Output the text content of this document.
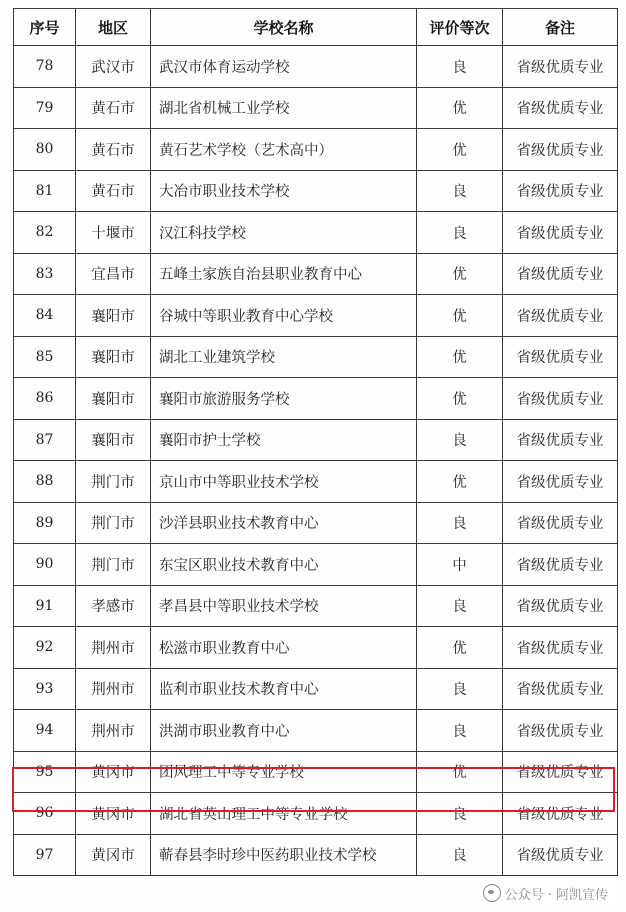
序号	地区	学校名称	评价等次	备注
78	武汉市	武汉市体育运动学校	良	省级优质专业
79	黄石市	湖北省机械工业学校	优	省级优质专业
80	黄石市	黄石艺术学校（艺术高中）	优	省级优质专业
81	黄石市	大冶市职业技术学校	良	省级优质专业
82	十堰市	汉江科技学校	良	省级优质专业
83	宜昌市	五峰土家族自治县职业教育中心	优	省级优质专业
84	襄阳市	谷城中等职业教育中心学校	优	省级优质专业
85	襄阳市	湖北工业建筑学校	优	省级优质专业
86	襄阳市	襄阳市旅游服务学校	优	省级优质专业
87	襄阳市	襄阳市护士学校	良	省级优质专业
88	荆门市	京山市中等职业技术学校	优	省级优质专业
89	荆门市	沙洋县职业技术教育中心	良	省级优质专业
90	荆门市	东宝区职业技术教育中心	中	省级优质专业
91	孝感市	孝昌县中等职业技术学校	良	省级优质专业
92	荆州市	松滋市职业教育中心	优	省级优质专业
93	荆州市	监利市职业技术教育中心	良	省级优质专业
94	荆州市	洪湖市职业教育中心	良	省级优质专业
95	黄冈市	团风理工中等专业学校	优	省级优质专业
96	黄冈市	湖北省英山理工中等专业学校	良	省级优质专业
97	黄冈市	蕲春县李时珍中医药职业技术学校	良	省级优质专业
公众号 · 阿凯宣传
